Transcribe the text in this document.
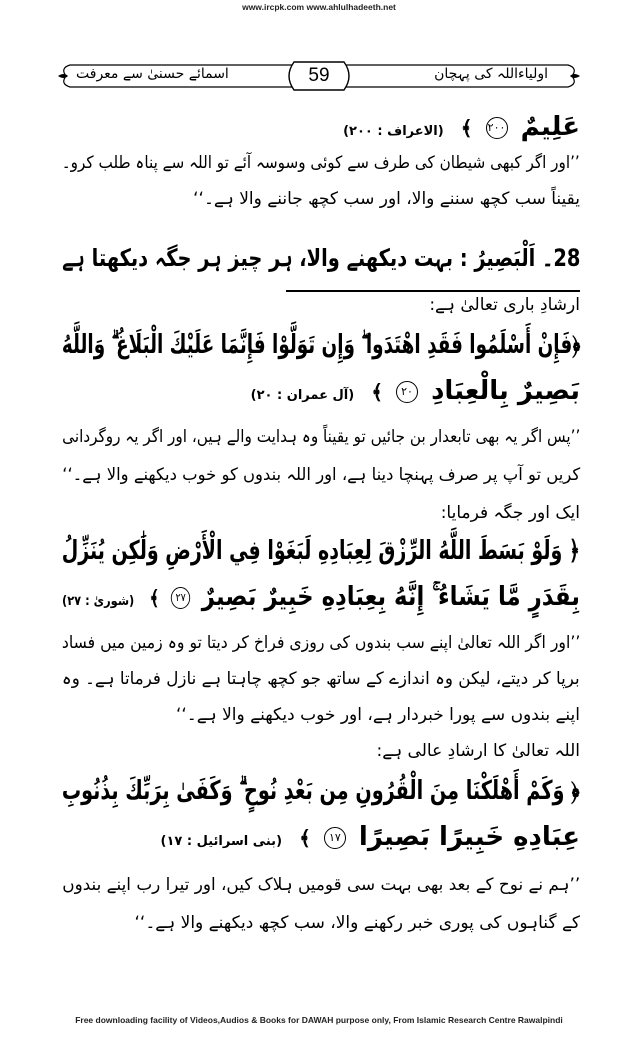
www.ircpk.com www.ahlulhadeeth.net
اولیاءاللہ کی پہچان
59
اسمائے حسنیٰ سے معرفت
عَلِيمٌ ٢٠٠ ﴾ (الاعراف : ٢٠٠)
’’اور اگر کبھی شیطان کی طرف سے کوئی وسوسہ آئے تو اللہ سے پناہ طلب کرو۔
یقیناً سب کچھ سننے والا، اور سب کچھ جاننے والا ہے۔‘‘
28۔ اَلْبَصِيرُ : بہت دیکھنے والا، ہر چیز ہر جگہ دیکھتا ہے
ارشادِ باری تعالیٰ ہے:
﴿فَإِنْ أَسْلَمُوا فَقَدِ اهْتَدَوا ۖ وَإِن تَوَلَّوْا فَإِنَّمَا عَلَيْكَ الْبَلَاغُ ۗ وَاللَّهُ
بَصِيرٌ بِالْعِبَادِ ٢٠ ﴾ (آل عمران : ٢٠)
’’پس اگر یہ بھی تابعدار بن جائیں تو یقیناً وہ ہدایت والے ہیں، اور اگر یہ روگردانی
کریں تو آپ پر صرف پہنچا دینا ہے، اور اللہ بندوں کو خوب دیکھنے والا ہے۔‘‘
ایک اور جگہ فرمایا:
﴿ وَلَوْ بَسَطَ اللَّهُ الرِّزْقَ لِعِبَادِهِ لَبَغَوْا فِي الْأَرْضِ وَلَٰكِن يُنَزِّلُ
بِقَدَرٍ مَّا يَشَاءُ ۚ إِنَّهُ بِعِبَادِهِ خَبِيرٌ بَصِيرٌ ٢٧ ﴾ (شوریٰ : ٢٧)
’’اور اگر اللہ تعالیٰ اپنے سب بندوں کی روزی فراخ کر دیتا تو وہ زمین میں فساد
برپا کر دیتے، لیکن وہ اندازے کے ساتھ جو کچھ چاہتا ہے نازل فرماتا ہے۔ وہ
اپنے بندوں سے پورا خبردار ہے، اور خوب دیکھنے والا ہے۔‘‘
اللہ تعالیٰ کا ارشادِ عالی ہے:
﴿ وَكَمْ أَهْلَكْنَا مِنَ الْقُرُونِ مِن بَعْدِ نُوحٍ ۗ وَكَفَىٰ بِرَبِّكَ بِذُنُوبِ
عِبَادِهِ خَبِيرًا بَصِيرًا ١٧ ﴾ (بنی اسرائیل : ١٧)
’’ہم نے نوح کے بعد بھی بہت سی قومیں ہلاک کیں، اور تیرا رب اپنے بندوں
کے گناہوں کی پوری خبر رکھنے والا، سب کچھ دیکھنے والا ہے۔‘‘
Free downloading facility of Videos,Audios & Books for DAWAH purpose only, From Islamic Research Centre Rawalpindi
